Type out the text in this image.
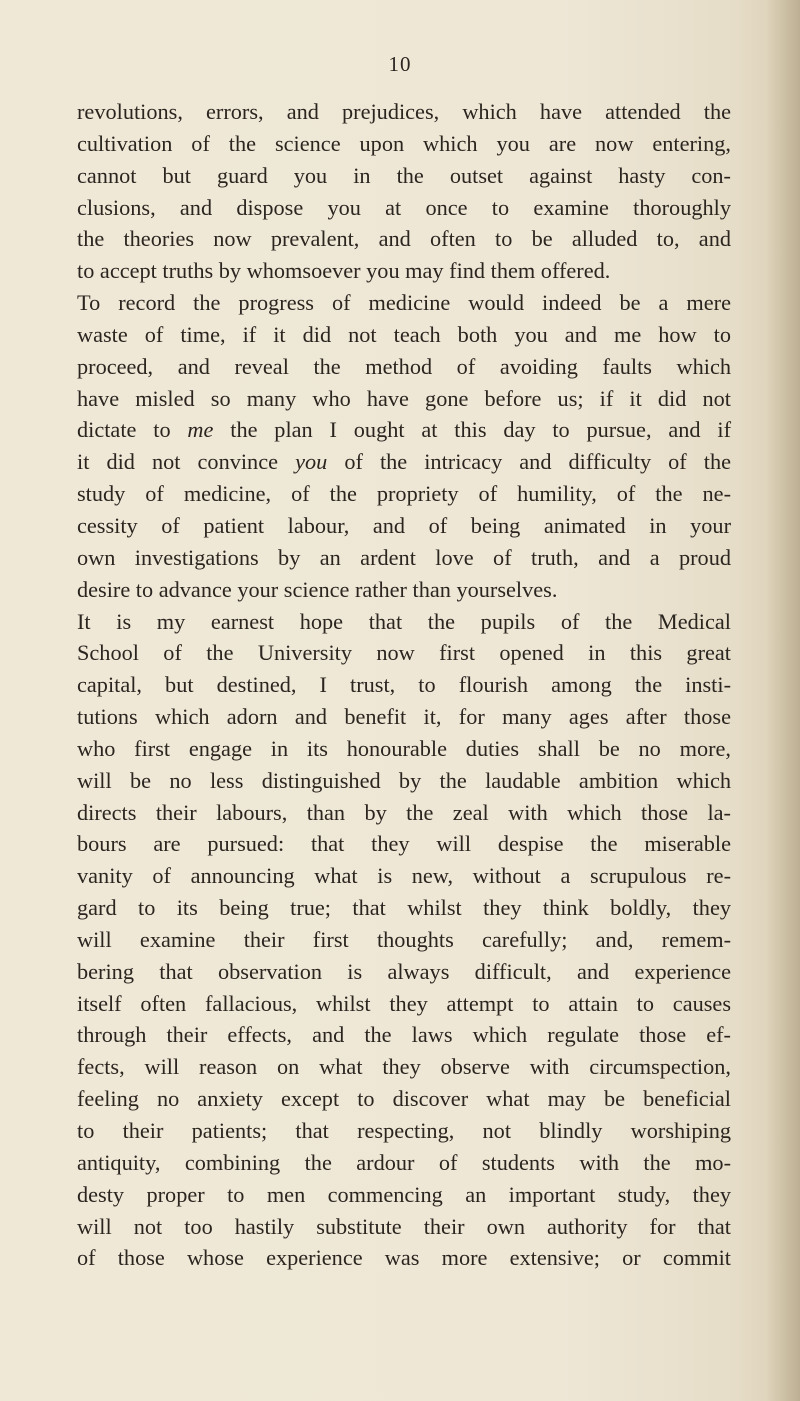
10
revolutions, errors, and prejudices, which have attended the
cultivation of the science upon which you are now entering,
cannot but guard you in the outset against hasty con-
clusions, and dispose you at once to examine thoroughly
the theories now prevalent, and often to be alluded to, and
to accept truths by whomsoever you may find them offered.
To record the progress of medicine would indeed be a mere
waste of time, if it did not teach both you and me how to
proceed, and reveal the method of avoiding faults which
have misled so many who have gone before us; if it did not
dictate to me the plan I ought at this day to pursue, and if
it did not convince you of the intricacy and difficulty of the
study of medicine, of the propriety of humility, of the ne-
cessity of patient labour, and of being animated in your
own investigations by an ardent love of truth, and a proud
desire to advance your science rather than yourselves.
It is my earnest hope that the pupils of the Medical
School of the University now first opened in this great
capital, but destined, I trust, to flourish among the insti-
tutions which adorn and benefit it, for many ages after those
who first engage in its honourable duties shall be no more,
will be no less distinguished by the laudable ambition which
directs their labours, than by the zeal with which those la-
bours are pursued: that they will despise the miserable
vanity of announcing what is new, without a scrupulous re-
gard to its being true; that whilst they think boldly, they
will examine their first thoughts carefully; and, remem-
bering that observation is always difficult, and experience
itself often fallacious, whilst they attempt to attain to causes
through their effects, and the laws which regulate those ef-
fects, will reason on what they observe with circumspection,
feeling no anxiety except to discover what may be beneficial
to their patients; that respecting, not blindly worshiping
antiquity, combining the ardour of students with the mo-
desty proper to men commencing an important study, they
will not too hastily substitute their own authority for that
of those whose experience was more extensive; or commit
